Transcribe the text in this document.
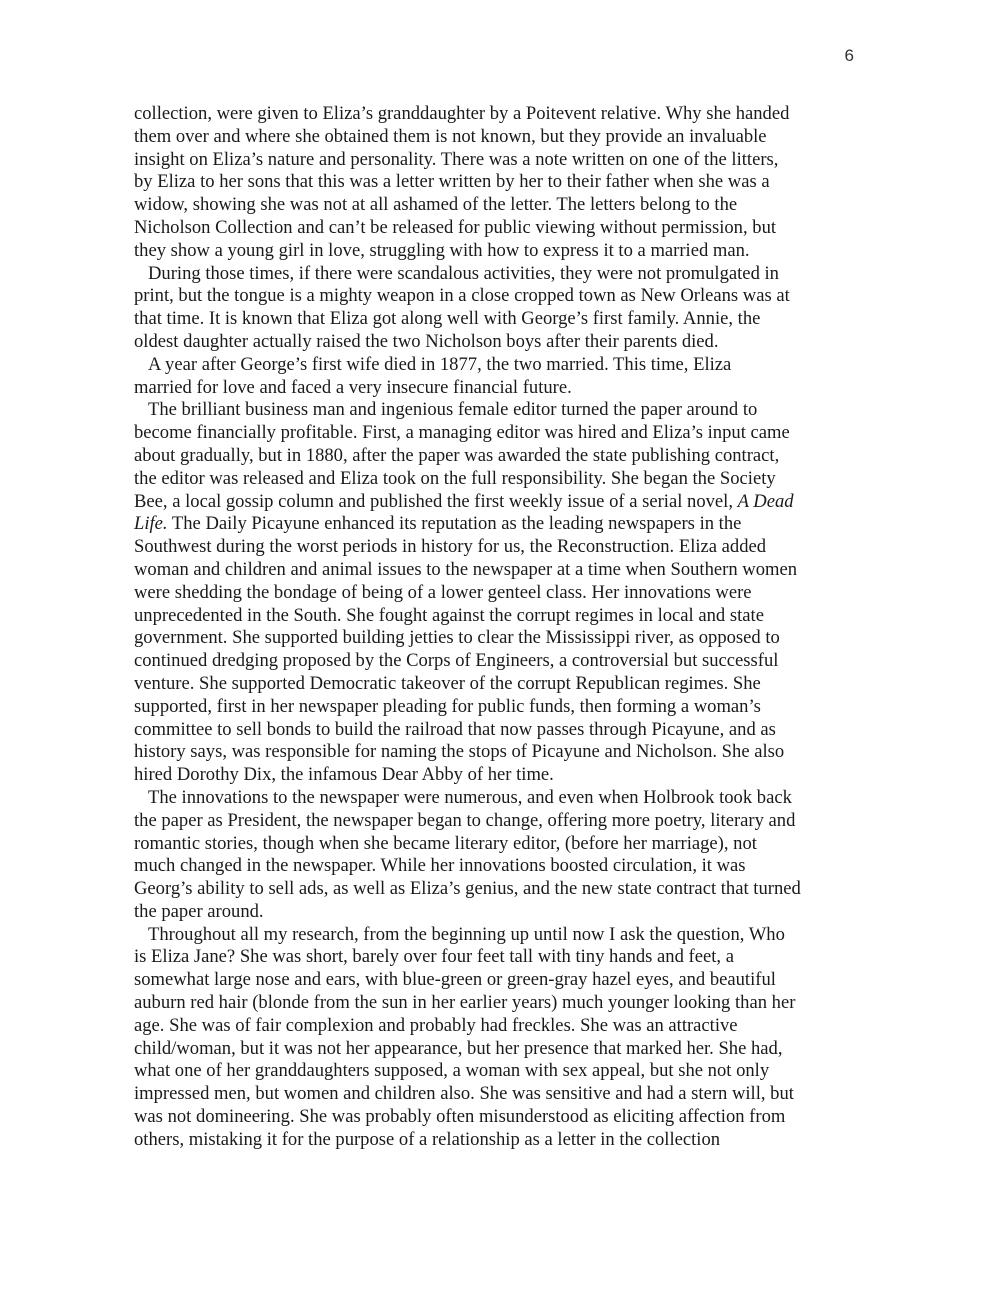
6

collection, were given to Eliza’s granddaughter by a Poitevent relative. Why she handed
them over and where she obtained them is not known, but they provide an invaluable
insight on Eliza’s nature and personality. There was a note written on one of the litters,
by Eliza to her sons that this was a letter written by her to their father when she was a
widow, showing she was not at all ashamed of the letter. The letters belong to the
Nicholson Collection and can’t be released for public viewing without permission, but
they show a young girl in love, struggling with how to express it to a married man.

During those times, if there were scandalous activities, they were not promulgated in
print, but the tongue is a mighty weapon in a close cropped town as New Orleans was at
that time. It is known that Eliza got along well with George’s first family. Annie, the
oldest daughter actually raised the two Nicholson boys after their parents died.

A year after George’s first wife died in 1877, the two married. This time, Eliza
married for love and faced a very insecure financial future.

The brilliant business man and ingenious female editor turned the paper around to
become financially profitable. First, a managing editor was hired and Eliza’s input came
about gradually, but in 1880, after the paper was awarded the state publishing contract,
the editor was released and Eliza took on the full responsibility. She began the Society
Bee, a local gossip column and published the first weekly issue of a serial novel, A Dead
Life. The Daily Picayune enhanced its reputation as the leading newspapers in the
Southwest during the worst periods in history for us, the Reconstruction. Eliza added
woman and children and animal issues to the newspaper at a time when Southern women
were shedding the bondage of being of a lower genteel class. Her innovations were
unprecedented in the South. She fought against the corrupt regimes in local and state
government. She supported building jetties to clear the Mississippi river, as opposed to
continued dredging proposed by the Corps of Engineers, a controversial but successful
venture. She supported Democratic takeover of the corrupt Republican regimes. She
supported, first in her newspaper pleading for public funds, then forming a woman’s
committee to sell bonds to build the railroad that now passes through Picayune, and as
history says, was responsible for naming the stops of Picayune and Nicholson. She also
hired Dorothy Dix, the infamous Dear Abby of her time.

The innovations to the newspaper were numerous, and even when Holbrook took back
the paper as President, the newspaper began to change, offering more poetry, literary and
romantic stories, though when she became literary editor, (before her marriage), not
much changed in the newspaper. While her innovations boosted circulation, it was
Georg’s ability to sell ads, as well as Eliza’s genius, and the new state contract that turned
the paper around.

Throughout all my research, from the beginning up until now I ask the question, Who
is Eliza Jane? She was short, barely over four feet tall with tiny hands and feet, a
somewhat large nose and ears, with blue-green or green-gray hazel eyes, and beautiful
auburn red hair (blonde from the sun in her earlier years) much younger looking than her
age. She was of fair complexion and probably had freckles. She was an attractive
child/woman, but it was not her appearance, but her presence that marked her. She had,
what one of her granddaughters supposed, a woman with sex appeal, but she not only
impressed men, but women and children also. She was sensitive and had a stern will, but
was not domineering. She was probably often misunderstood as eliciting affection from
others, mistaking it for the purpose of a relationship as a letter in the collection
